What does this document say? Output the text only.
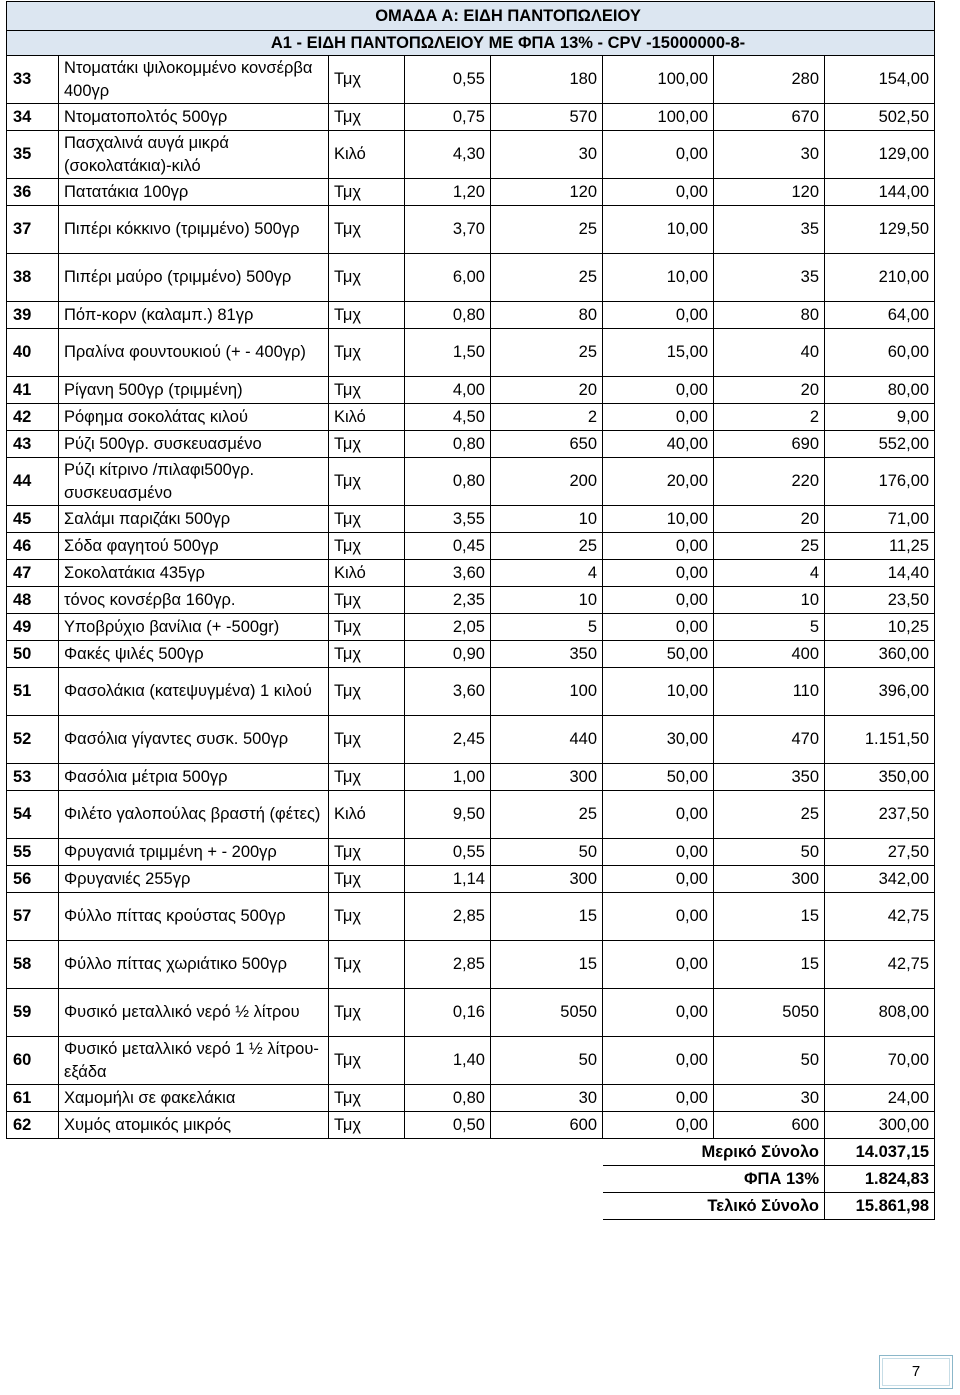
ΟΜΑΔΑ Α: ΕΙΔΗ ΠΑΝΤΟΠΩΛΕΙΟΥ							
Α1 - ΕΙΔΗ ΠΑΝΤΟΠΩΛΕΙΟΥ ΜΕ ΦΠΑ 13% - CPV -15000000-8-							
33	Ντοματάκι ψιλοκομμένο κονσέρβα 400γρ	Τμχ	0,55	180	100,00	280	154,00
34	Ντοματοπολτός 500γρ	Τμχ	0,75	570	100,00	670	502,50
35	Πασχαλινά αυγά μικρά (σοκολατάκια)-κιλό	Κιλό	4,30	30	0,00	30	129,00
36	Πατατάκια 100γρ	Τμχ	1,20	120	0,00	120	144,00
37	Πιπέρι κόκκινο (τριμμένο) 500γρ	Τμχ	3,70	25	10,00	35	129,50
38	Πιπέρι μαύρο (τριμμένο) 500γρ	Τμχ	6,00	25	10,00	35	210,00
39	Πόπ-κορν (καλαμπ.) 81γρ	Τμχ	0,80	80	0,00	80	64,00
40	Πραλίνα φουντουκιού (+ - 400γρ)	Τμχ	1,50	25	15,00	40	60,00
41	Ρίγανη 500γρ (τριμμένη)	Τμχ	4,00	20	0,00	20	80,00
42	Ρόφημα σοκολάτας κιλού	Κιλό	4,50	2	0,00	2	9,00
43	Ρύζι 500γρ. συσκευασμένο	Τμχ	0,80	650	40,00	690	552,00
44	Ρύζι κίτρινο /πιλαφι500γρ. συσκευασμένο	Τμχ	0,80	200	20,00	220	176,00
45	Σαλάμι παριζάκι 500γρ	Τμχ	3,55	10	10,00	20	71,00
46	Σόδα φαγητού 500γρ	Τμχ	0,45	25	0,00	25	11,25
47	Σοκολατάκια 435γρ	Κιλό	3,60	4	0,00	4	14,40
48	τόνος κονσέρβα 160γρ.	Τμχ	2,35	10	0,00	10	23,50
49	Υποβρύχιο βανίλια (+ -500gr)	Τμχ	2,05	5	0,00	5	10,25
50	Φακές ψιλές 500γρ	Τμχ	0,90	350	50,00	400	360,00
51	Φασολάκια (κατεψυγμένα) 1 κιλού	Τμχ	3,60	100	10,00	110	396,00
52	Φασόλια γίγαντες συσκ. 500γρ	Τμχ	2,45	440	30,00	470	1.151,50
53	Φασόλια μέτρια 500γρ	Τμχ	1,00	300	50,00	350	350,00
54	Φιλέτο γαλοπούλας βραστή (φέτες)	Κιλό	9,50	25	0,00	25	237,50
55	Φρυγανιά τριμμένη + - 200γρ	Τμχ	0,55	50	0,00	50	27,50
56	Φρυγανιές 255γρ	Τμχ	1,14	300	0,00	300	342,00
57	Φύλλο πίττας κρούστας 500γρ	Τμχ	2,85	15	0,00	15	42,75
58	Φύλλο πίττας χωριάτικο 500γρ	Τμχ	2,85	15	0,00	15	42,75
59	Φυσικό μεταλλικό νερό ½ λίτρου	Τμχ	0,16	5050	0,00	5050	808,00
60	Φυσικό μεταλλικό νερό 1 ½ λίτρου-εξάδα	Τμχ	1,40	50	0,00	50	70,00
61	Χαμομήλι σε φακελάκια	Τμχ	0,80	30	0,00	30	24,00
62	Χυμός ατομικός μικρός	Τμχ	0,50	600	0,00	600	300,00
					Μερικό Σύνολο		14.037,15
					ΦΠΑ 13%		1.824,83
					Τελικό Σύνολο		15.861,98
7
